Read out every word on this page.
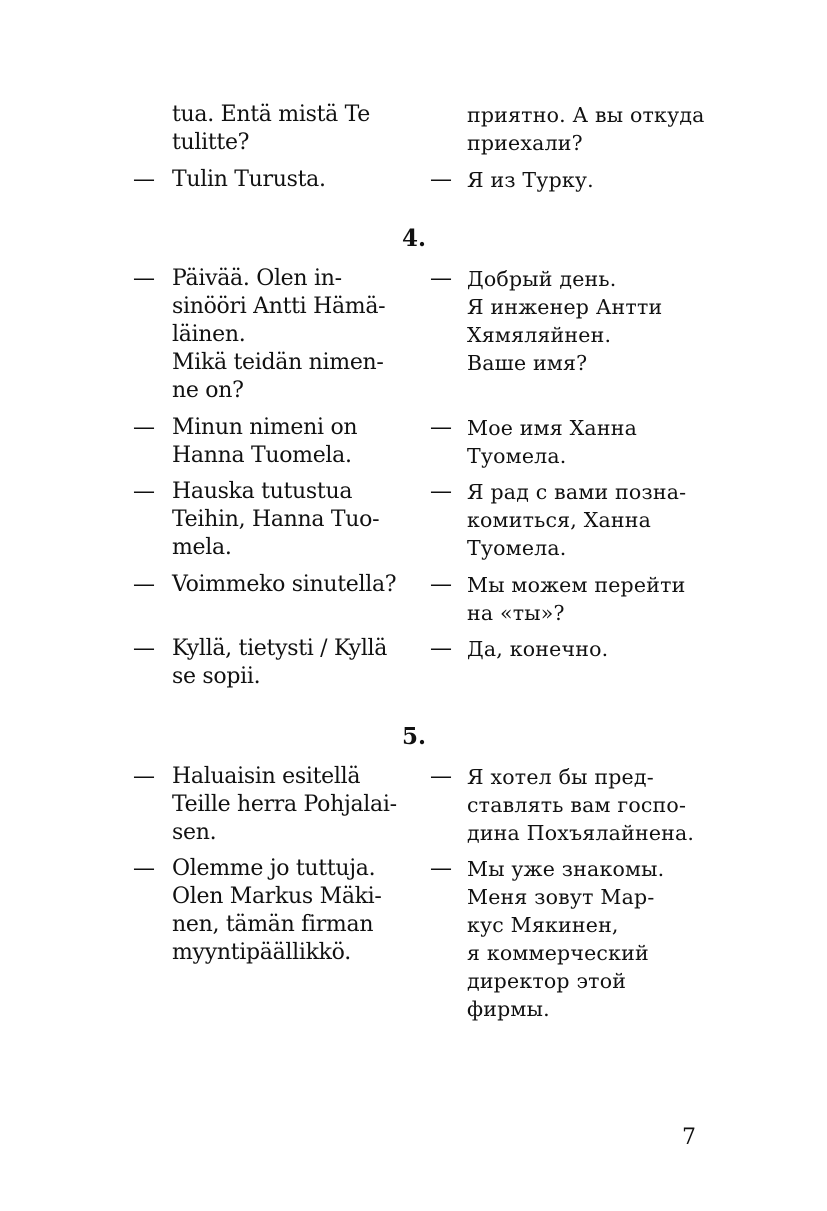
tua. Entä mistä Te
tulitte?
приятно. А вы откуда
приехали?
— Tulin Turusta.	— Я из Турку.
4.
— Päivää. Olen in-
sinööri Antti Hämä-
läinen.
Mikä teidän nimen-
ne on?
— Добрый день.
Я инженер Антти
Хямяляйнен.
Ваше имя?
— Minun nimeni on
Hanna Tuomela.
— Мое имя Ханна
Туомела.
— Hauska tutustua
Teihin, Hanna Tuo-
mela.
— Я рад с вами позна-
комиться, Ханна
Туомела.
— Voimmeko sinutella? — Мы можем перейти
на «ты»?
— Kyllä, tietysti / Kyllä
se sopii.
— Да, конечно.
5.
— Haluaisin esitellä
Teille herra Pohjalai-
sen.
— Я хотел бы пред-
ставлять вам госпо-
дина Похъялайнена.
— Olemme jo tuttuja.
Olen Markus Mäki-
nen, tämän firman
myyntipäällikkö.
— Мы уже знакомы.
Меня зовут Мар-
кус Мякинен,
я коммерческий
директор этой
фирмы.
7
